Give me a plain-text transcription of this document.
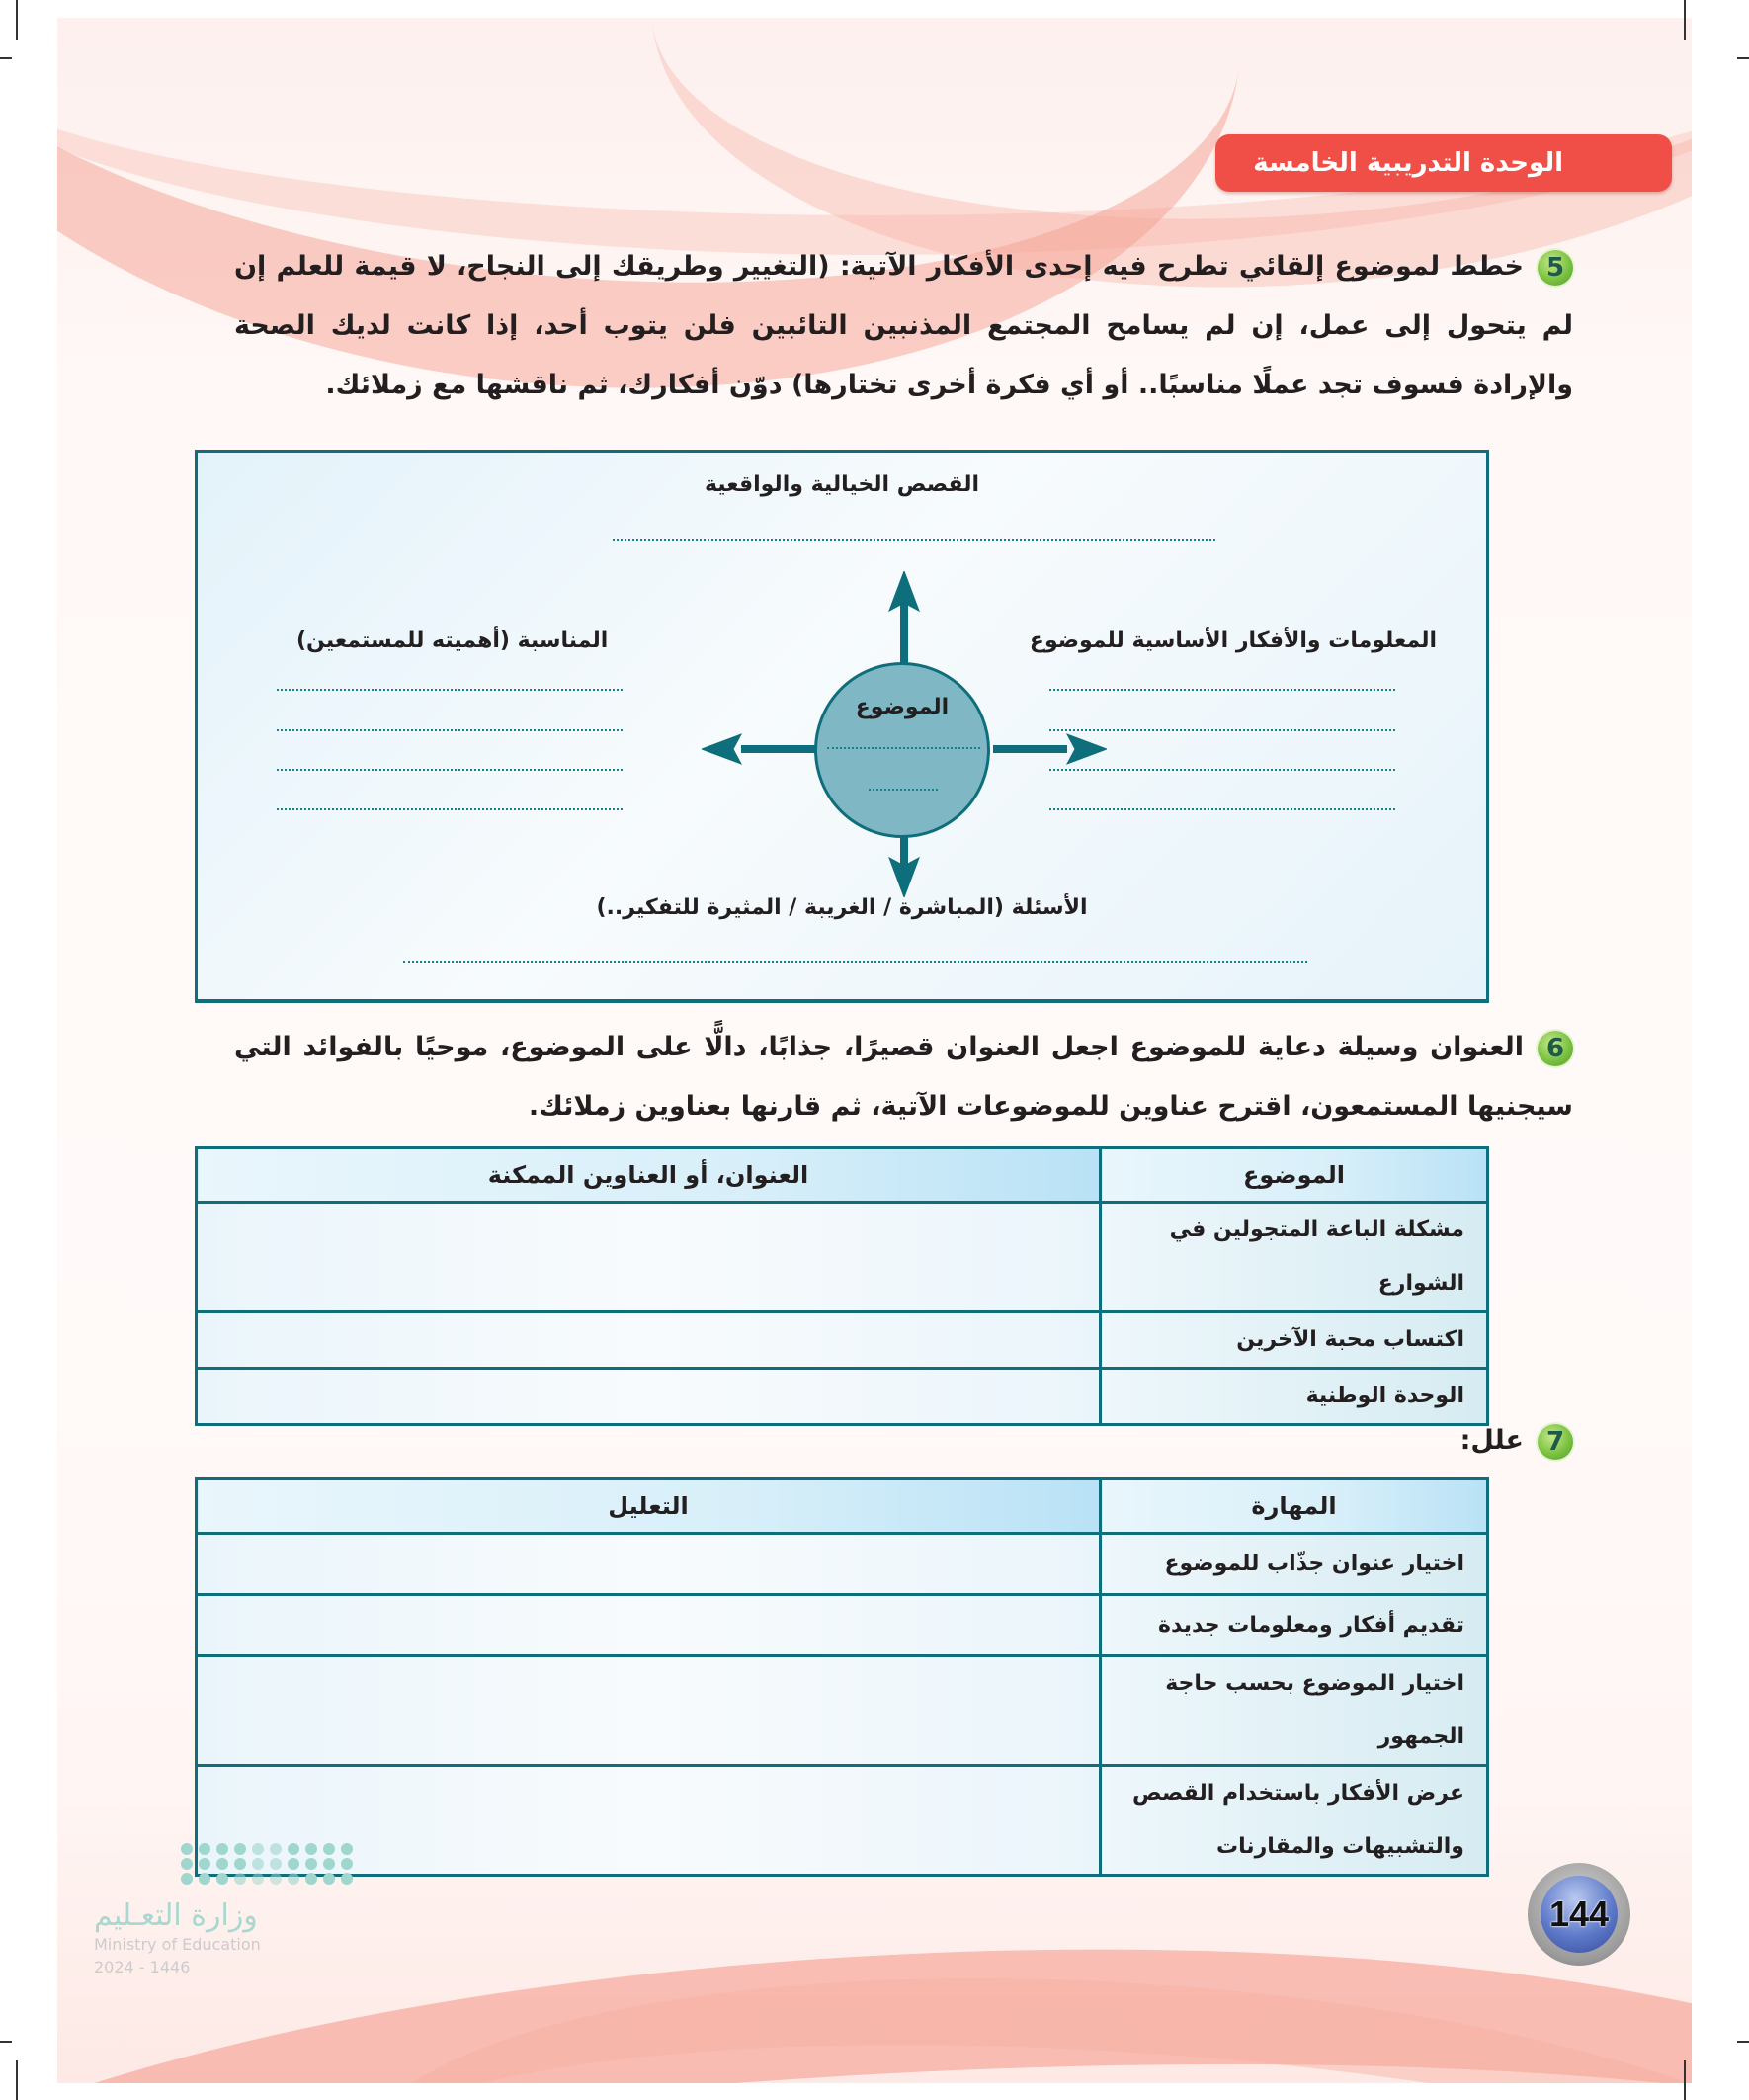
الوحدة التدريبية الخامسة
5خطط لموضوع إلقائي تطرح فيه إحدى الأفكار الآتية: (التغيير وطريقك إلى النجاح، لا قيمة للعلم إن لم يتحول إلى عمل، إن لم يسامح المجتمع المذنبين التائبين فلن يتوب أحد، إذا كانت لديك الصحة والإرادة فسوف تجد عملًا مناسبًا.. أو أي فكرة أخرى تختارها) دوّن أفكارك، ثم ناقشها مع زملائك.
القصص الخيالية والواقعية
المعلومات والأفكار الأساسية للموضوع
المناسبة (أهميته للمستمعين)
الموضوع
الأسئلة (المباشرة / الغريبة / المثيرة للتفكير..)
6العنوان وسيلة دعاية للموضوع اجعل العنوان قصيرًا، جذابًا، دالًّا على الموضوع، موحيًا بالفوائد التي سيجنيها المستمعون، اقترح عناوين للموضوعات الآتية، ثم قارنها بعناوين زملائك.
الموضوع	العنوان، أو العناوين الممكنة
مشكلة الباعة المتجولين في الشوارع	
اكتساب محبة الآخرين	
الوحدة الوطنية	
7علل:
المهارة	التعليل
اختيار عنوان جذّاب للموضوع	
تقديم أفكار ومعلومات جديدة	
اختيار الموضوع بحسب حاجة الجمهور	
عرض الأفكار باستخدام القصص والتشبيهات والمقارنات	
وزارة التعـليم
Ministry of Education
2024 - 1446
144
